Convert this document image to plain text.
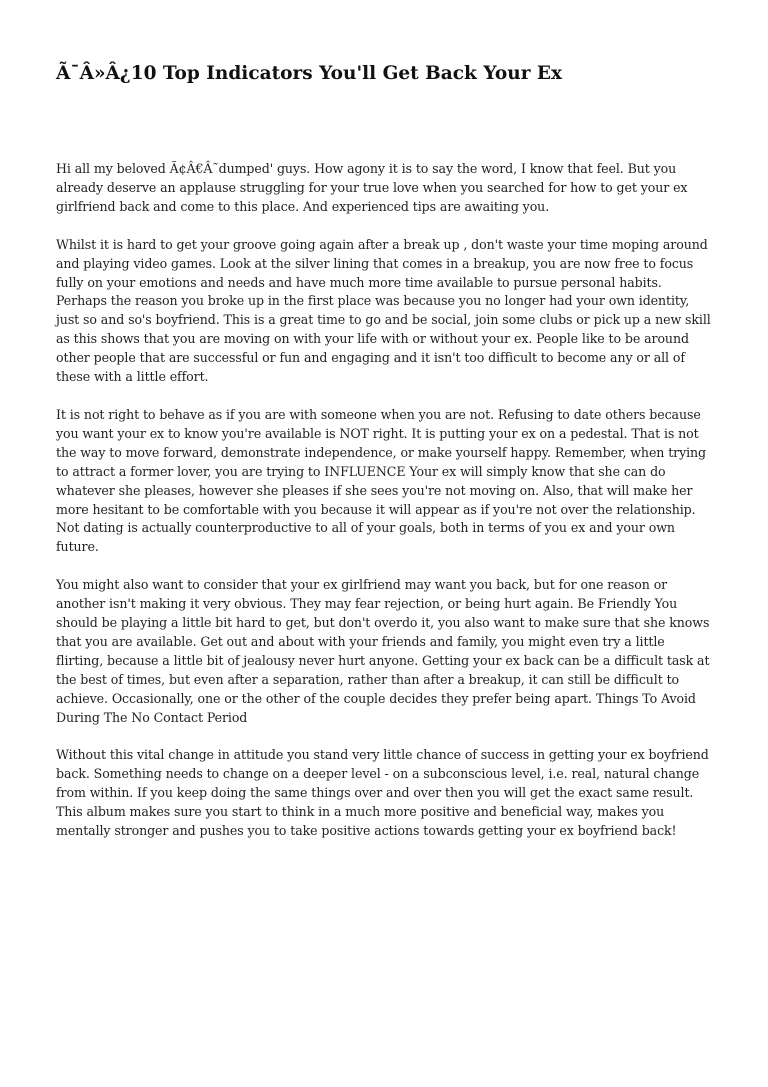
Ã¯Â»Â¿10 Top Indicators You'll Get Back Your Ex

Hi all my beloved Ã¢Â€Â˜dumped' guys. How agony it is to say the word, I know that feel. But you already deserve an applause struggling for your true love when you searched for how to get your ex girlfriend back and come to this place. And experienced tips are awaiting you.

Whilst it is hard to get your groove going again after a break up , don't waste your time moping around and playing video games. Look at the silver lining that comes in a breakup, you are now free to focus fully on your emotions and needs and have much more time available to pursue personal habits. Perhaps the reason you broke up in the first place was because you no longer had your own identity, just so and so's boyfriend. This is a great time to go and be social, join some clubs or pick up a new skill as this shows that you are moving on with your life with or without your ex. People like to be around other people that are successful or fun and engaging and it isn't too difficult to become any or all of these with a little effort.

It is not right to behave as if you are with someone when you are not. Refusing to date others because you want your ex to know you're available is NOT right. It is putting your ex on a pedestal. That is not the way to move forward, demonstrate independence, or make yourself happy. Remember, when trying to attract a former lover, you are trying to INFLUENCE Your ex will simply know that she can do whatever she pleases, however she pleases if she sees you're not moving on. Also, that will make her more hesitant to be comfortable with you because it will appear as if you're not over the relationship. Not dating is actually counterproductive to all of your goals, both in terms of you ex and your own future.

You might also want to consider that your ex girlfriend may want you back, but for one reason or another isn't making it very obvious. They may fear rejection, or being hurt again. Be Friendly You should be playing a little bit hard to get, but don't overdo it, you also want to make sure that she knows that you are available. Get out and about with your friends and family, you might even try a little flirting, because a little bit of jealousy never hurt anyone. Getting your ex back can be a difficult task at the best of times, but even after a separation, rather than after a breakup, it can still be difficult to achieve. Occasionally, one or the other of the couple decides they prefer being apart. Things To Avoid During The No Contact Period

Without this vital change in attitude you stand very little chance of success in getting your ex boyfriend back. Something needs to change on a deeper level - on a subconscious level, i.e. real, natural change from within. If you keep doing the same things over and over then you will get the exact same result. This album makes sure you start to think in a much more positive and beneficial way, makes you mentally stronger and pushes you to take positive actions towards getting your ex boyfriend back!
